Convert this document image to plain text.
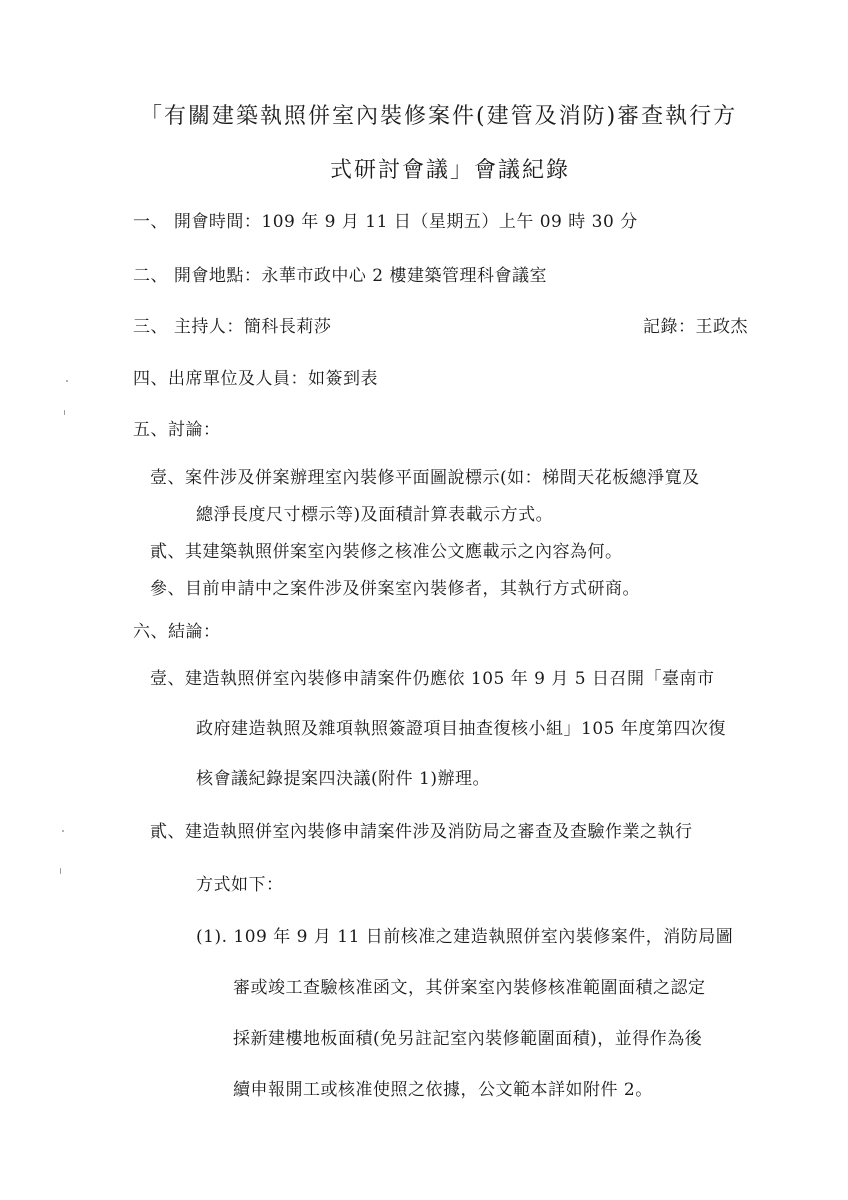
「有關建築執照併室內裝修案件(建管及消防)審查執行方
式研討會議」會議紀錄
一、 開會時間：109 年 9 月 11 日（星期五）上午 09 時 30 分
二、 開會地點：永華市政中心 2 樓建築管理科會議室
三、 主持人：簡科長莉莎	記錄：王政杰
四、出席單位及人員：如簽到表
五、討論：
壹、案件涉及併案辦理室內裝修平面圖說標示(如：梯間天花板總淨寬及
總淨長度尺寸標示等)及面積計算表載示方式。
貳、其建築執照併案室內裝修之核准公文應載示之內容為何。
參、目前申請中之案件涉及併案室內裝修者，其執行方式研商。
六、結論：
壹、建造執照併室內裝修申請案件仍應依 105 年 9 月 5 日召開「臺南市
政府建造執照及雜項執照簽證項目抽查復核小組」105 年度第四次復
核會議紀錄提案四決議(附件 1)辦理。
貳、建造執照併室內裝修申請案件涉及消防局之審查及查驗作業之執行
方式如下：
(1). 109 年 9 月 11 日前核准之建造執照併室內裝修案件，消防局圖
審或竣工查驗核准函文，其併案室內裝修核准範圍面積之認定
採新建樓地板面積(免另註記室內裝修範圍面積)，並得作為後
續申報開工或核准使照之依據，公文範本詳如附件 2。
